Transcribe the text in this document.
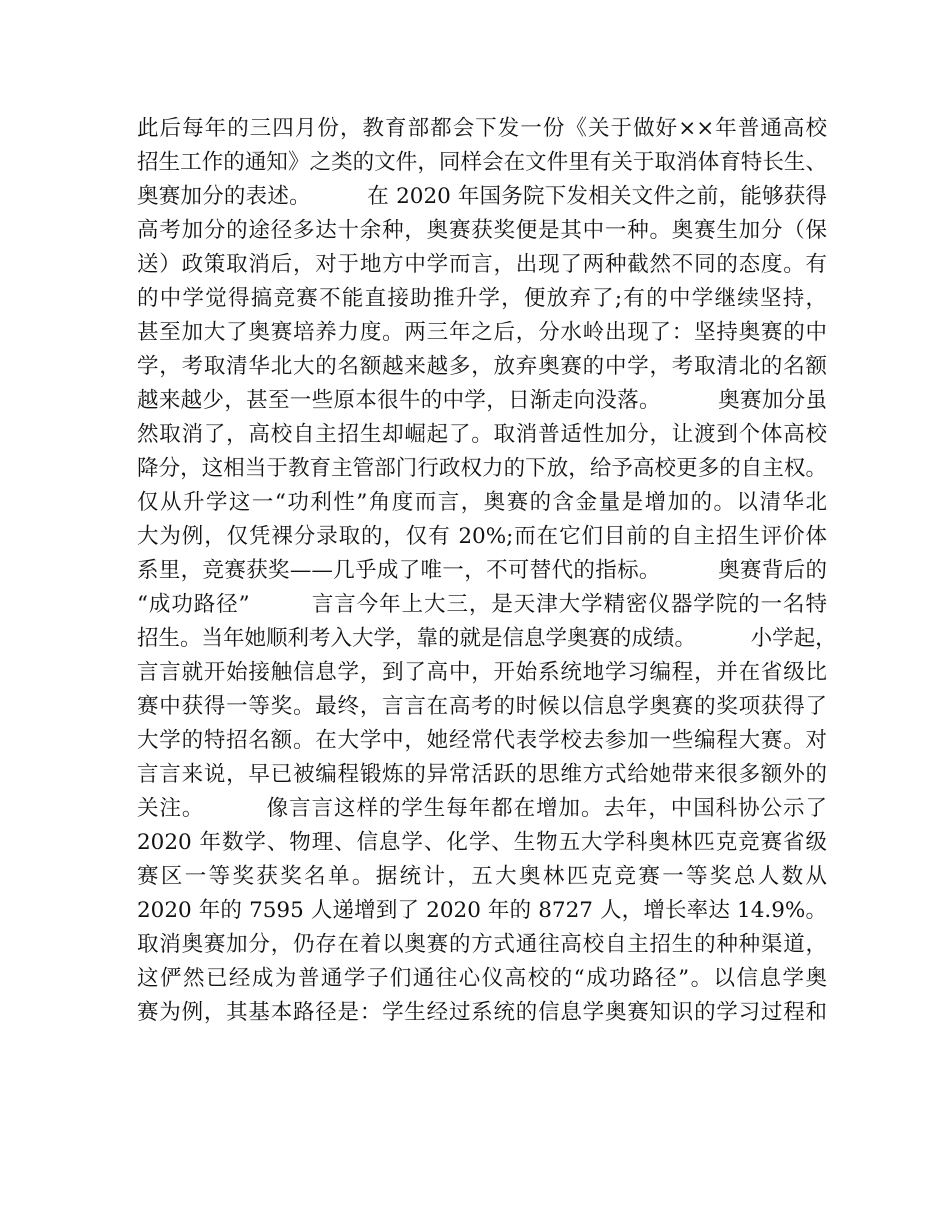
此后每年的三四月份，教育部都会下发一份《关于做好××年普通高校
招生工作的通知》之类的文件，同样会在文件里有关于取消体育特长生、
奥赛加分的表述。        在 2020 年国务院下发相关文件之前，能够获得
高考加分的途径多达十余种，奥赛获奖便是其中一种。奥赛生加分（保
送）政策取消后，对于地方中学而言，出现了两种截然不同的态度。有
的中学觉得搞竞赛不能直接助推升学，便放弃了;有的中学继续坚持，
甚至加大了奥赛培养力度。两三年之后，分水岭出现了：坚持奥赛的中
学，考取清华北大的名额越来越多，放弃奥赛的中学，考取清北的名额
越来越少，甚至一些原本很牛的中学，日渐走向没落。        奥赛加分虽
然取消了，高校自主招生却崛起了。取消普适性加分，让渡到个体高校
降分，这相当于教育主管部门行政权力的下放，给予高校更多的自主权。
仅从升学这一“功利性”角度而言，奥赛的含金量是增加的。以清华北
大为例，仅凭裸分录取的，仅有 20%;而在它们目前的自主招生评价体
系里，竞赛获奖——几乎成了唯一，不可替代的指标。        奥赛背后的
“成功路径”        言言今年上大三，是天津大学精密仪器学院的一名特
招生。当年她顺利考入大学，靠的就是信息学奥赛的成绩。        小学起，
言言就开始接触信息学，到了高中，开始系统地学习编程，并在省级比
赛中获得一等奖。最终，言言在高考的时候以信息学奥赛的奖项获得了
大学的特招名额。在大学中，她经常代表学校去参加一些编程大赛。对
言言来说，早已被编程锻炼的异常活跃的思维方式给她带来很多额外的
关注。        像言言这样的学生每年都在增加。去年，中国科协公示了
2020 年数学、物理、信息学、化学、生物五大学科奥林匹克竞赛省级
赛区一等奖获奖名单。据统计，五大奥林匹克竞赛一等奖总人数从
2020 年的 7595 人递增到了 2020 年的 8727 人，增长率达 14.9%。
取消奥赛加分，仍存在着以奥赛的方式通往高校自主招生的种种渠道，
这俨然已经成为普通学子们通往心仪高校的“成功路径”。以信息学奥
赛为例，其基本路径是：学生经过系统的信息学奥赛知识的学习过程和
